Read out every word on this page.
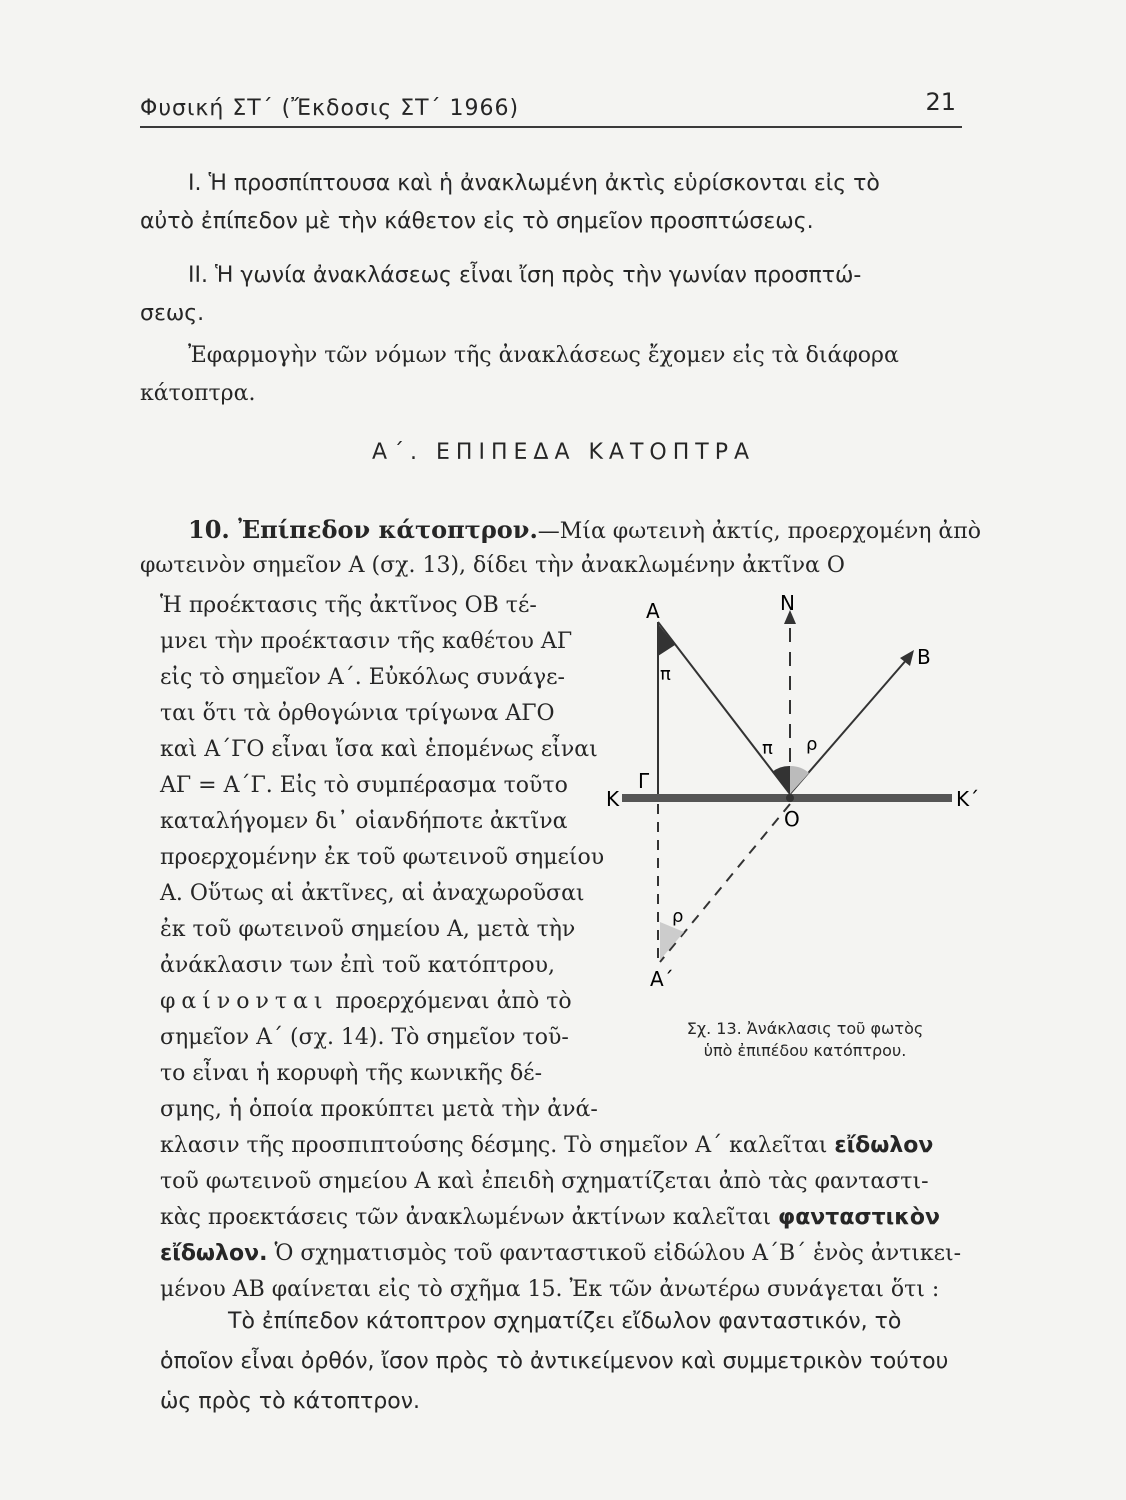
Φυσική ΣΤ΄ (Ἔκδοσις ΣΤ΄ 1966)	21
Ι. Ἡ προσπίπτουσα καὶ ἡ ἀνακλωμένη ἀκτὶς εὑρίσκονται εἰς τὸ
αὐτὸ ἐπίπεδον μὲ τὴν κάθετον εἰς τὸ σημεῖον προσπτώσεως.
ΙΙ. Ἡ γωνία ἀνακλάσεως εἶναι ἴση πρὸς τὴν γωνίαν προσπτώ-
σεως.
Ἐφαρμογὴν τῶν νόμων τῆς ἀνακλάσεως ἔχομεν εἰς τὰ διάφορα
κάτοπτρα.
Α΄. ΕΠΙΠΕΔΑ ΚΑΤΟΠΤΡΑ
10. Ἐπίπεδον κάτοπτρον.—Μία φωτεινὴ ἀκτίς, προερχομένη ἀπὸ
φωτεινὸν σημεῖον Α (σχ. 13), δίδει τὴν ἀνακλωμένην ἀκτῖνα Ο
Ἡ προέκτασις τῆς ἀκτῖνος ΟΒ τέ-
μνει τὴν προέκτασιν τῆς καθέτου ΑΓ
εἰς τὸ σημεῖον Α΄. Εὐκόλως συνάγε-
ται ὅτι τὰ ὀρθογώνια τρίγωνα ΑΓΟ
καὶ Α΄ΓΟ εἶναι ἴσα καὶ ἑπομένως εἶναι
ΑΓ = Α΄Γ. Εἰς τὸ συμπέρασμα τοῦτο
καταλήγομεν δι᾿ οἱανδήποτε ἀκτῖνα
προερχομένην ἐκ τοῦ φωτεινοῦ σημείου
Α. Οὕτως αἱ ἀκτῖνες, αἱ ἀναχωροῦσαι
ἐκ τοῦ φωτεινοῦ σημείου Α, μετὰ τὴν
ἀνάκλασιν των ἐπὶ τοῦ κατόπτρου,
φαίνονται προερχόμεναι ἀπὸ τὸ
σημεῖον Α΄ (σχ. 14). Τὸ σημεῖον τοῦ-
το εἶναι ἡ κορυφὴ τῆς κωνικῆς δέ-
σμης, ἡ ὁποία προκύπτει μετὰ τὴν ἀνά-
κλασιν τῆς προσπιπτούσης δέσμης. Τὸ σημεῖον Α΄ καλεῖται εἴδωλον
τοῦ φωτεινοῦ σημείου Α καὶ ἐπειδὴ σχηματίζεται ἀπὸ τὰς φανταστι-
κὰς προεκτάσεις τῶν ἀνακλωμένων ἀκτίνων καλεῖται φανταστικὸν
εἴδωλον. Ὁ σχηματισμὸς τοῦ φανταστικοῦ εἰδώλου Α΄Β΄ ἑνὸς ἀντικει-
μένου ΑΒ φαίνεται εἰς τὸ σχῆμα 15. Ἐκ τῶν ἀνωτέρω συνάγεται ὅτι :
Α
Β
Ν
Γ
Ο
Κ	Κ΄
Α΄
π
π ρ
ρ
Σχ. 13. Ἀνάκλασις τοῦ φωτὸς
ὑπὸ ἐπιπέδου κατόπτρου.
Τὸ ἐπίπεδον κάτοπτρον σχηματίζει εἴδωλον φανταστικόν, τὸ
ὁποῖον εἶναι ὀρθόν, ἴσον πρὸς τὸ ἀντικείμενον καὶ συμμετρικὸν τούτου
ὡς πρὸς τὸ κάτοπτρον.
